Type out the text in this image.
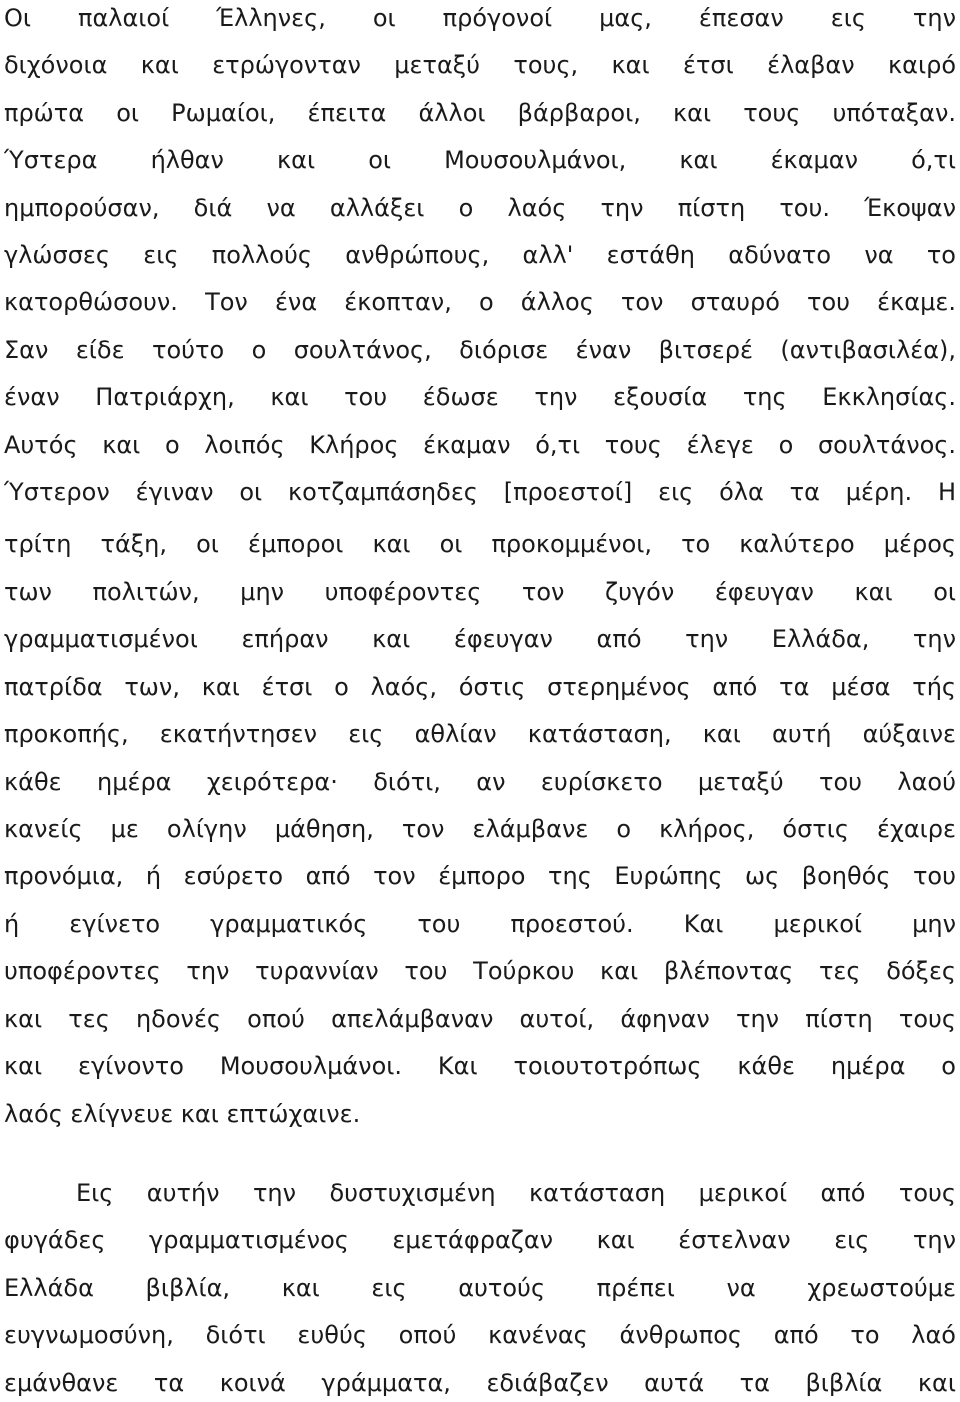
Οι παλαιοί Έλληνες, οι πρόγονοί μας, έπεσαν εις την
διχόνοια και ετρώγονταν μεταξύ τους, και έτσι έλαβαν καιρό
πρώτα οι Ρωμαίοι, έπειτα άλλοι βάρβαροι, και τους υπόταξαν.
Ύστερα ήλθαν και οι Μουσουλμάνοι, και έκαμαν ό,τι
ημπορούσαν, διά να αλλάξει ο λαός την πίστη του. Έκοψαν
γλώσσες εις πολλούς ανθρώπους, αλλ' εστάθη αδύνατο να το
κατορθώσουν. Τον ένα έκοπταν, ο άλλος τον σταυρό του έκαμε.
Σαν είδε τούτο ο σουλτάνος, διόρισε έναν βιτσερέ (αντιβασιλέα),
έναν Πατριάρχη, και του έδωσε την εξουσία της Εκκλησίας.
Αυτός και ο λοιπός Κλήρος έκαμαν ό,τι τους έλεγε ο σουλτάνος.
Ύστερον έγιναν οι κοτζαμπάσηδες [προεστοί] εις όλα τα μέρη. Η
τρίτη τάξη, οι έμποροι και οι προκομμένοι, το καλύτερο μέρος
των πολιτών, μην υποφέροντες τον ζυγόν έφευγαν και οι
γραμματισμένοι επήραν και έφευγαν από την Ελλάδα, την
πατρίδα των, και έτσι ο λαός, όστις στερημένος από τα μέσα τής
προκοπής, εκατήντησεν εις αθλίαν κατάσταση, και αυτή αύξαινε
κάθε ημέρα χειρότερα· διότι, αν ευρίσκετο μεταξύ του λαού
κανείς με ολίγην μάθηση, τον ελάμβανε ο κλήρος, όστις έχαιρε
προνόμια, ή εσύρετο από τον έμπορο της Ευρώπης ως βοηθός του
ή εγίνετο γραμματικός του προεστού. Και μερικοί μην
υποφέροντες την τυραννίαν του Τούρκου και βλέποντας τες δόξες
και τες ηδονές οπού απελάμβαναν αυτοί, άφηναν την πίστη τους
και εγίνοντο Μουσουλμάνοι. Και τοιουτοτρόπως κάθε ημέρα ο
λαός ελίγνευε και επτώχαινε.
Εις αυτήν την δυστυχισμένη κατάσταση μερικοί από τους
φυγάδες γραμματισμένος εμετάφραζαν και έστελναν εις την
Ελλάδα βιβλία, και εις αυτούς πρέπει να χρεωστούμε
ευγνωμοσύνη, διότι ευθύς οπού κανένας άνθρωπος από το λαό
εμάνθανε τα κοινά γράμματα, εδιάβαζεν αυτά τα βιβλία και
